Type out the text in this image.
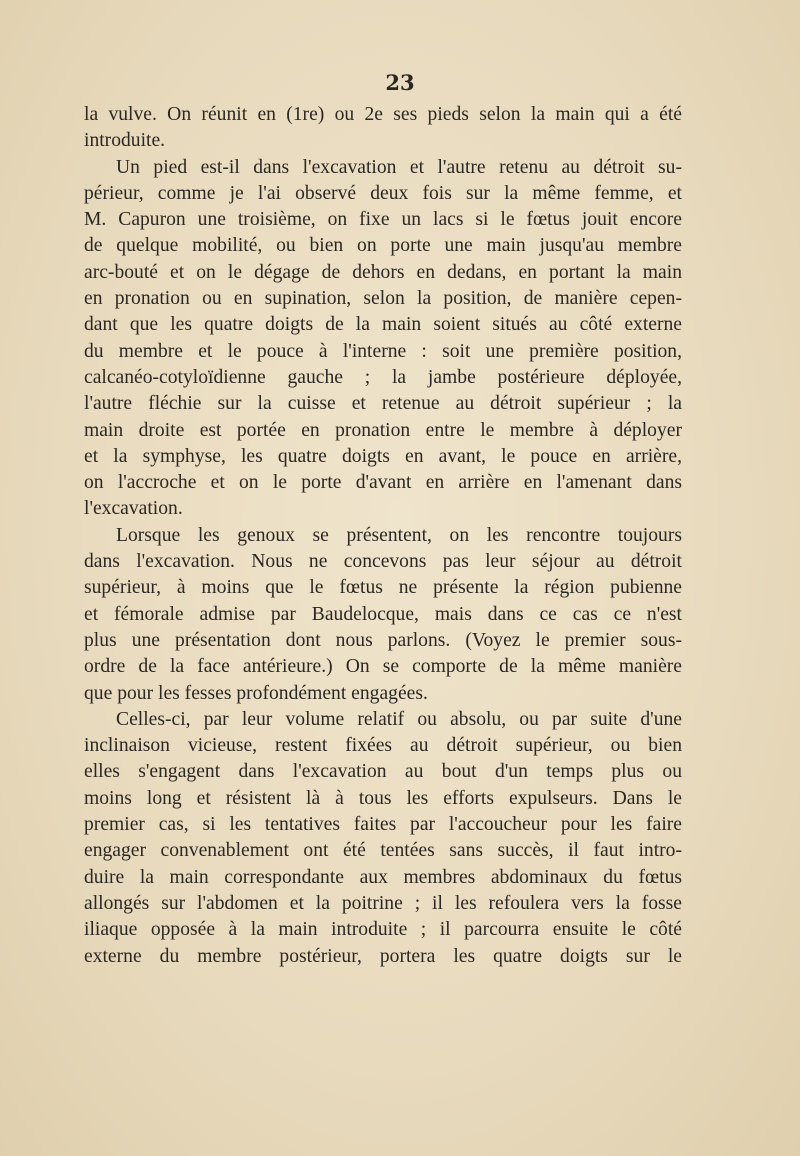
23
la vulve. On réunit en (1re) ou 2e ses pieds selon la main qui a été
introduite.
Un pied est-il dans l'excavation et l'autre retenu au détroit su-
périeur, comme je l'ai observé deux fois sur la même femme, et
M. Capuron une troisième, on fixe un lacs si le fœtus jouit encore
de quelque mobilité, ou bien on porte une main jusqu'au membre
arc-bouté et on le dégage de dehors en dedans, en portant la main
en pronation ou en supination, selon la position, de manière cepen-
dant que les quatre doigts de la main soient situés au côté externe
du membre et le pouce à l'interne : soit une première position,
calcanéo-cotyloïdienne gauche ; la jambe postérieure déployée,
l'autre fléchie sur la cuisse et retenue au détroit supérieur ; la
main droite est portée en pronation entre le membre à déployer
et la symphyse, les quatre doigts en avant, le pouce en arrière,
on l'accroche et on le porte d'avant en arrière en l'amenant dans
l'excavation.
Lorsque les genoux se présentent, on les rencontre toujours
dans l'excavation. Nous ne concevons pas leur séjour au détroit
supérieur, à moins que le fœtus ne présente la région pubienne
et fémorale admise par Baudelocque, mais dans ce cas ce n'est
plus une présentation dont nous parlons. (Voyez le premier sous-
ordre de la face antérieure.) On se comporte de la même manière
que pour les fesses profondément engagées.
Celles-ci, par leur volume relatif ou absolu, ou par suite d'une
inclinaison vicieuse, restent fixées au détroit supérieur, ou bien
elles s'engagent dans l'excavation au bout d'un temps plus ou
moins long et résistent là à tous les efforts expulseurs. Dans le
premier cas, si les tentatives faites par l'accoucheur pour les faire
engager convenablement ont été tentées sans succès, il faut intro-
duire la main correspondante aux membres abdominaux du fœtus
allongés sur l'abdomen et la poitrine ; il les refoulera vers la fosse
iliaque opposée à la main introduite ; il parcourra ensuite le côté
externe du membre postérieur, portera les quatre doigts sur le
